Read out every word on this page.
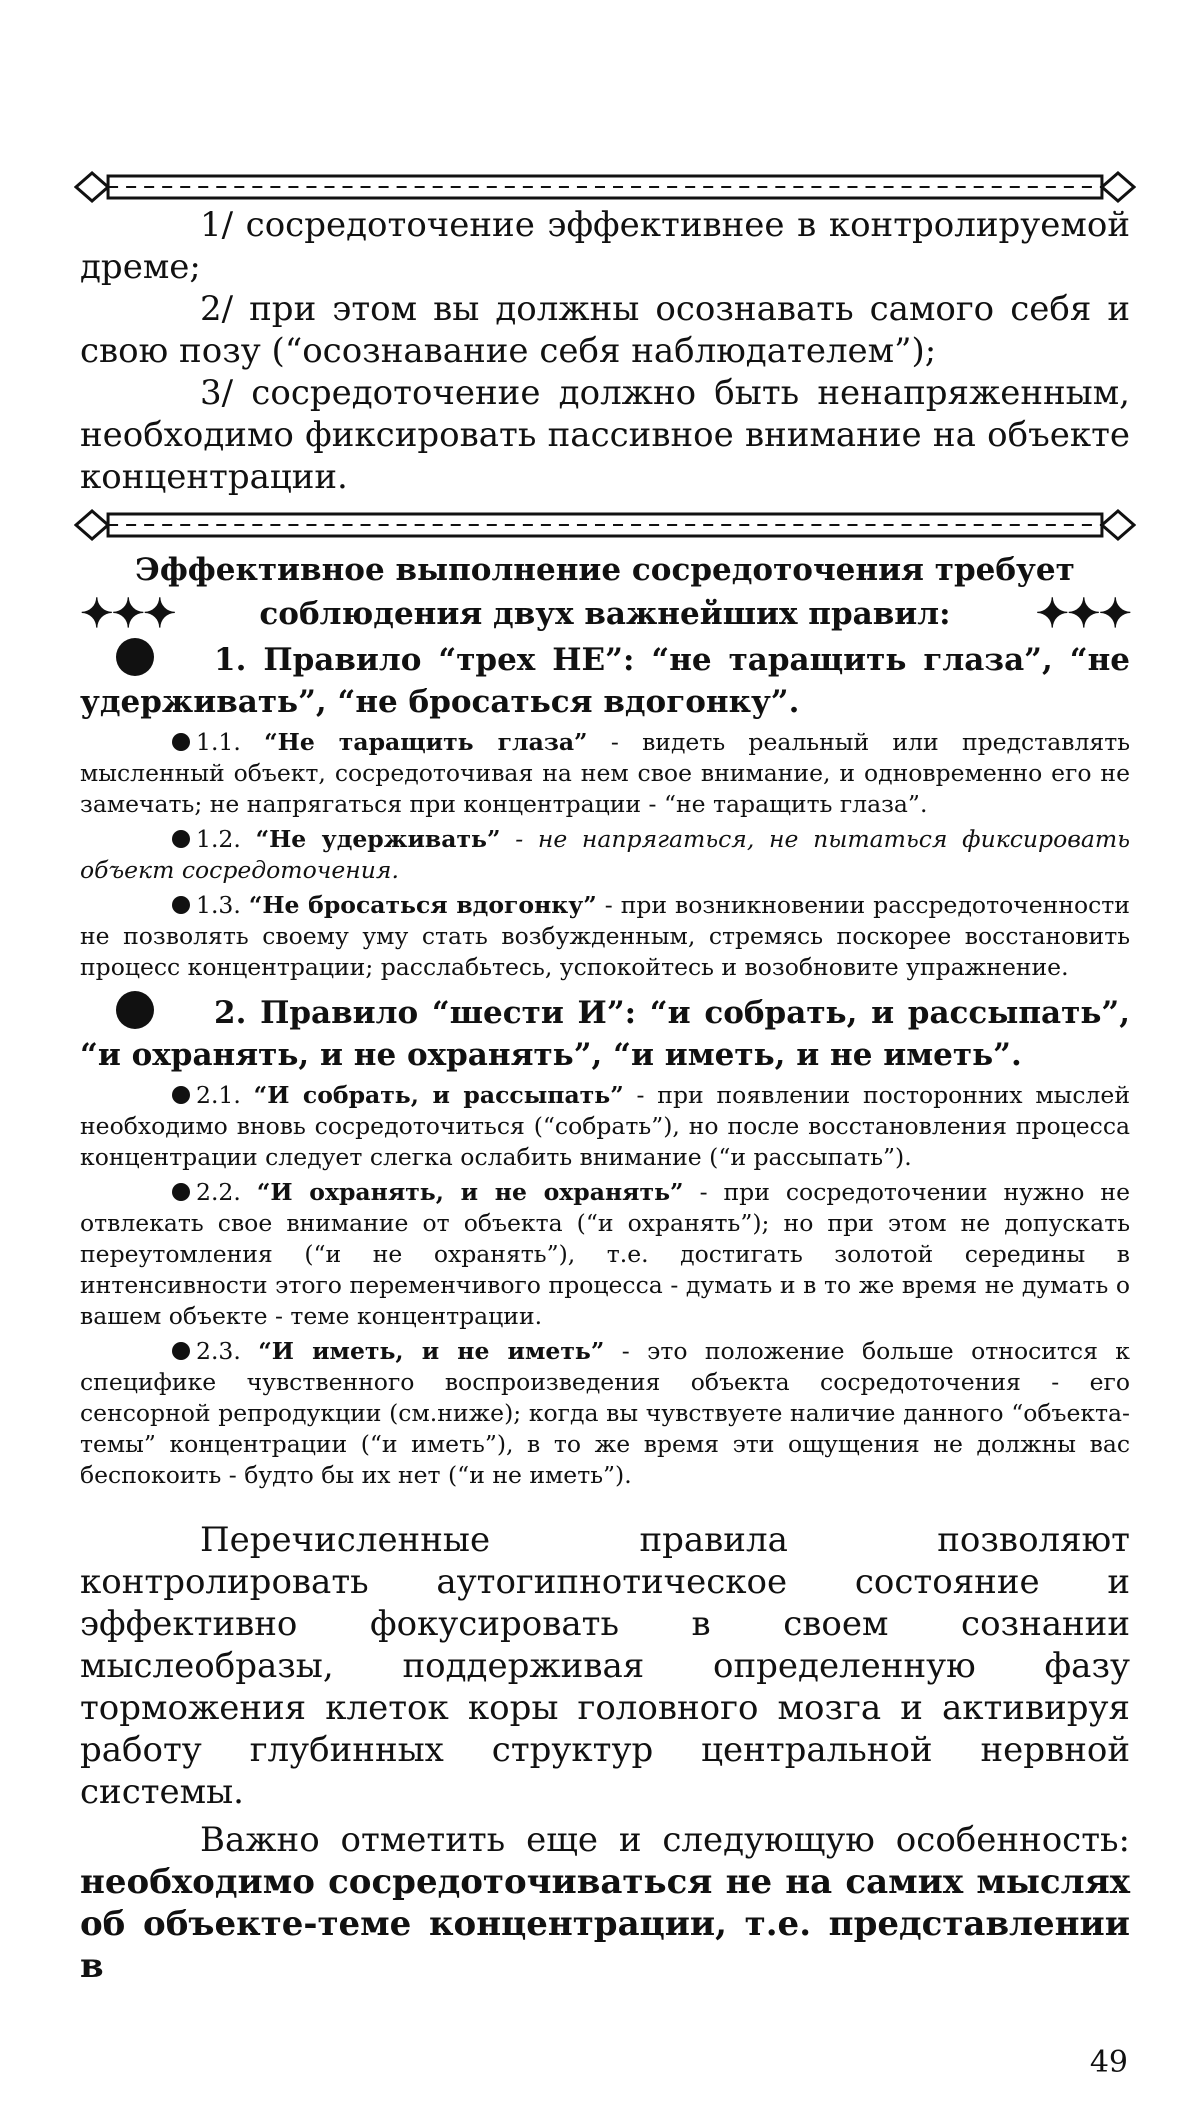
1/ сосредоточение эффективнее в контролируемой дреме;

2/ при этом вы должны осознавать самого себя и свою позу (“осознавание себя наблюдателем”);

3/ сосредоточение должно быть ненапряженным, необходимо фиксировать пассивное внимание на объекте концентрации.

Эффективное выполнение сосредоточения требует
✦✦✦	соблюдения двух важнейших правил: ✦✦✦

1. Правило “трех НЕ”: “не таращить глаза”, “не удерживать”, “не бросаться вдогонку”.

1.1. “Не таращить глаза” - видеть реальный или представлять мысленный объект, сосредоточивая на нем свое внимание, и одновременно его не замечать; не напрягаться при концентрации - “не таращить глаза”.

1.2. “Не удерживать” - не напрягаться, не пытаться фиксировать объект сосредоточения.

1.3. “Не бросаться вдогонку” - при возникновении рассредоточенности не позволять своему уму стать возбужденным, стремясь поскорее восстановить процесс концентрации; расслабьтесь, успокойтесь и возобновите упражнение.

2. Правило “шести И”: “и собрать, и рассыпать”, “и охранять, и не охранять”, “и иметь, и не иметь”.

2.1. “И собрать, и рассыпать” - при появлении посторонних мыслей необходимо вновь сосредоточиться (“собрать”), но после восстановления процесса концентрации следует слегка ослабить внимание (“и рассыпать”).

2.2. “И охранять, и не охранять” - при сосредоточении нужно не отвлекать свое внимание от объекта (“и охранять”); но при этом не допускать переутомления (“и не охранять”), т.е. достигать золотой середины в интенсивности этого переменчивого процесса - думать и в то же время не думать о вашем объекте - теме концентрации.

2.3. “И иметь, и не иметь” - это положение больше относится к специфике чувственного воспроизведения объекта сосредоточения - его сенсорной репродукции (см.ниже); когда вы чувствуете наличие данного “объекта-темы” концентрации (“и иметь”), в то же время эти ощущения не должны вас беспокоить - будто бы их нет (“и не иметь”).

Перечисленные правила позволяют контролировать аутогипнотическое состояние и эффективно фокусировать в своем сознании мыслеобразы, поддерживая определенную фазу торможения клеток коры головного мозга и активируя работу глубинных структур центральной нервной системы.

Важно отметить еще и следующую особенность: необходимо сосредоточиваться не на самих мыслях об объекте-теме концентрации, т.е. представлении в

49
